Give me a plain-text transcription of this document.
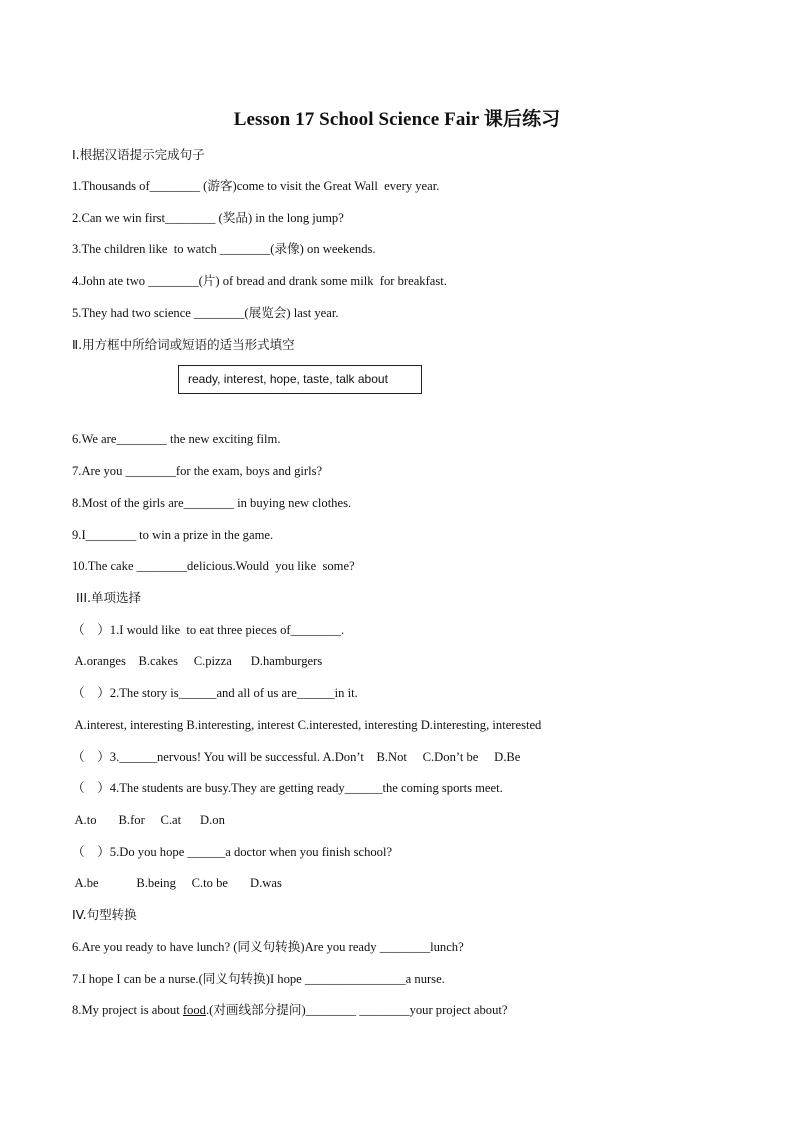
Lesson 17 School Science Fair 课后练习
Ⅰ.根据汉语提示完成句子
1.Thousands of________ (游客)come to visit the Great Wall  every year.
2.Can we win first________ (奖品) in the long jump?
3.The children like  to watch ________(录像) on weekends.
4.John ate two ________(片) of bread and drank some milk  for breakfast.
5.They had two science ________(展览会) last year.
Ⅱ.用方框中所给词或短语的适当形式填空
ready, interest, hope, taste, talk about
6.We are________ the new exciting film.
7.Are you ________for the exam, boys and girls?
8.Most of the girls are________ in buying new clothes.
9.I________ to win a prize in the game.
10.The cake ________delicious.Would  you like  some?
III.单项选择
（    ）1.I would like  to eat three pieces of________.
A.oranges    B.cakes     C.pizza      D.hamburgers
（    ）2.The story is______and all of us are______in it.
A.interest, interesting B.interesting, interest C.interested, interesting D.interesting, interested
（    ）3.______nervous! You will be successful. A.Don’t    B.Not     C.Don’t be     D.Be
（    ）4.The students are busy.They are getting ready______the coming sports meet.
A.to       B.for     C.at      D.on
（    ）5.Do you hope ______a doctor when you finish school?
A.be            B.being     C.to be       D.was
IV.句型转换
6.Are you ready to have lunch? (同义句转换)Are you ready ________lunch?
7.I hope I can be a nurse.(同义句转换)I hope ________________a nurse.
8.My project is about food.(对画线部分提问)________ ________your project about?
